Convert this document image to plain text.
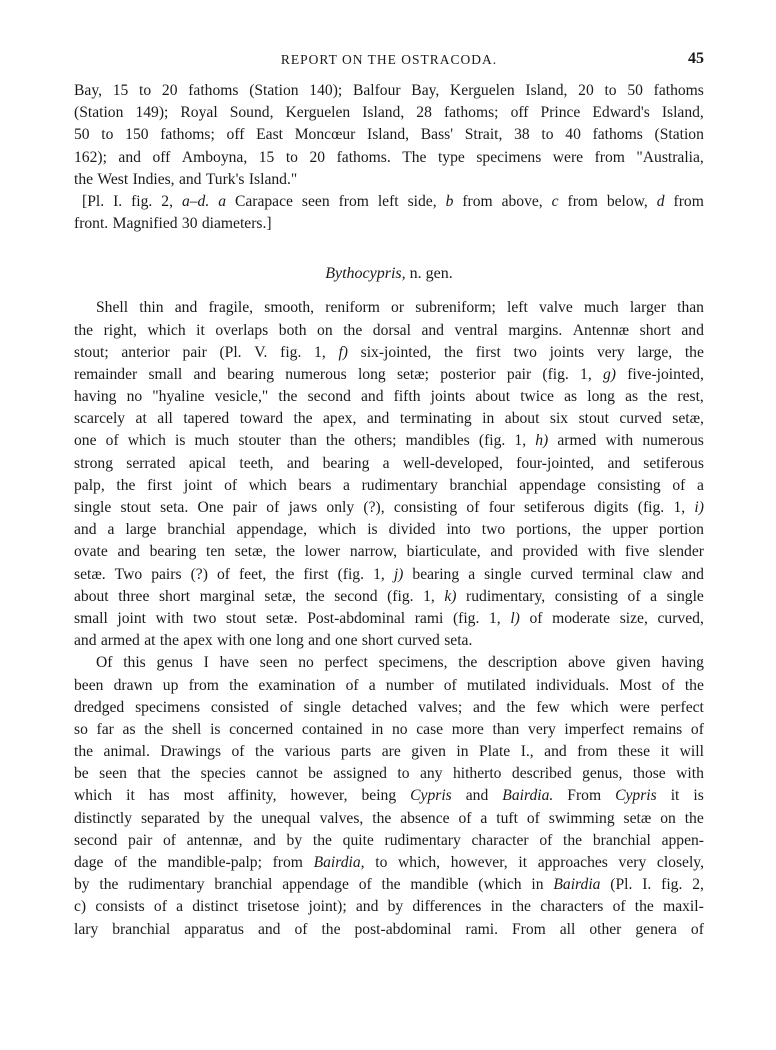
REPORT ON THE OSTRACODA.	45
Bay, 15 to 20 fathoms (Station 140); Balfour Bay, Kerguelen Island, 20 to 50 fathoms
(Station 149); Royal Sound, Kerguelen Island, 28 fathoms; off Prince Edward's Island,
50 to 150 fathoms; off East Moncœur Island, Bass' Strait, 38 to 40 fathoms (Station
162); and off Amboyna, 15 to 20 fathoms. The type specimens were from "Australia,
the West Indies, and Turk's Island."
[Pl. I. fig. 2, a–d. a Carapace seen from left side, b from above, c from below, d from
front. Magnified 30 diameters.]
Bythocypris, n. gen.
Shell thin and fragile, smooth, reniform or subreniform; left valve much larger than
the right, which it overlaps both on the dorsal and ventral margins. Antennæ short and
stout; anterior pair (Pl. V. fig. 1, f) six-jointed, the first two joints very large, the
remainder small and bearing numerous long setæ; posterior pair (fig. 1, g) five-jointed,
having no "hyaline vesicle," the second and fifth joints about twice as long as the rest,
scarcely at all tapered toward the apex, and terminating in about six stout curved setæ,
one of which is much stouter than the others; mandibles (fig. 1, h) armed with numerous
strong serrated apical teeth, and bearing a well-developed, four-jointed, and setiferous
palp, the first joint of which bears a rudimentary branchial appendage consisting of a
single stout seta. One pair of jaws only (?), consisting of four setiferous digits (fig. 1, i)
and a large branchial appendage, which is divided into two portions, the upper portion
ovate and bearing ten setæ, the lower narrow, biarticulate, and provided with five slender
setæ. Two pairs (?) of feet, the first (fig. 1, j) bearing a single curved terminal claw and
about three short marginal setæ, the second (fig. 1, k) rudimentary, consisting of a single
small joint with two stout setæ. Post-abdominal rami (fig. 1, l) of moderate size, curved,
and armed at the apex with one long and one short curved seta.
Of this genus I have seen no perfect specimens, the description above given having
been drawn up from the examination of a number of mutilated individuals. Most of the
dredged specimens consisted of single detached valves; and the few which were perfect
so far as the shell is concerned contained in no case more than very imperfect remains of
the animal. Drawings of the various parts are given in Plate I., and from these it will
be seen that the species cannot be assigned to any hitherto described genus, those with
which it has most affinity, however, being Cypris and Bairdia. From Cypris it is
distinctly separated by the unequal valves, the absence of a tuft of swimming setæ on the
second pair of antennæ, and by the quite rudimentary character of the branchial appen-
dage of the mandible-palp; from Bairdia, to which, however, it approaches very closely,
by the rudimentary branchial appendage of the mandible (which in Bairdia (Pl. I. fig. 2,
c) consists of a distinct trisetose joint); and by differences in the characters of the maxil-
lary branchial apparatus and of the post-abdominal rami. From all other genera of
